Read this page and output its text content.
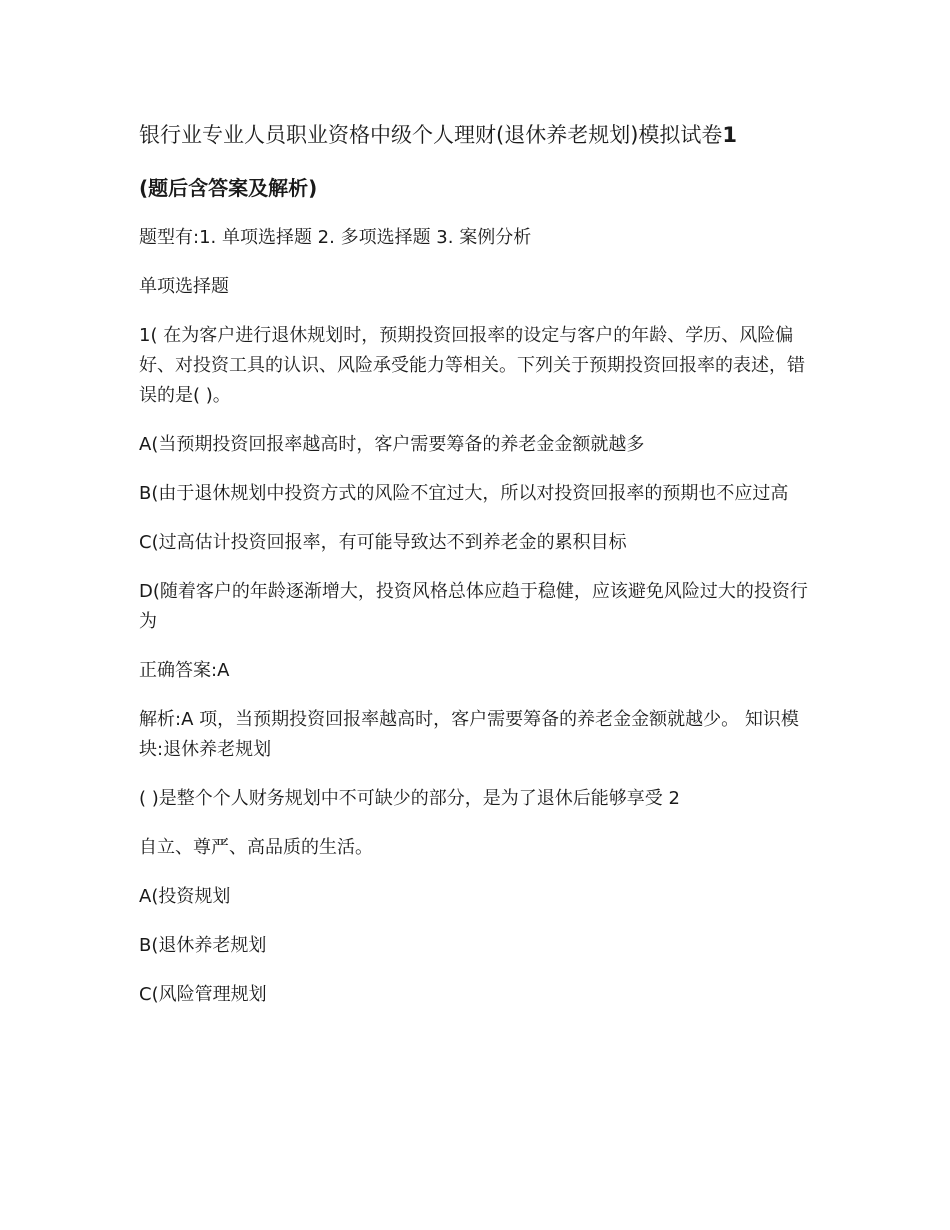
银行业专业人员职业资格中级个人理财(退休养老规划)模拟试卷1
(题后含答案及解析)
题型有:1. 单项选择题 2. 多项选择题 3. 案例分析
单项选择题
1( 在为客户进行退休规划时，预期投资回报率的设定与客户的年龄、学历、风险偏好、对投资工具的认识、风险承受能力等相关。下列关于预期投资回报率的表述，错误的是( )。
A(当预期投资回报率越高时，客户需要筹备的养老金金额就越多
B(由于退休规划中投资方式的风险不宜过大，所以对投资回报率的预期也不应过高
C(过高估计投资回报率，有可能导致达不到养老金的累积目标
D(随着客户的年龄逐渐增大，投资风格总体应趋于稳健，应该避免风险过大的投资行为
正确答案:A
解析:A 项，当预期投资回报率越高时，客户需要筹备的养老金金额就越少。 知识模块:退休养老规划
( )是整个个人财务规划中不可缺少的部分，是为了退休后能够享受 2
自立、尊严、高品质的生活。
A(投资规划
B(退休养老规划
C(风险管理规划
